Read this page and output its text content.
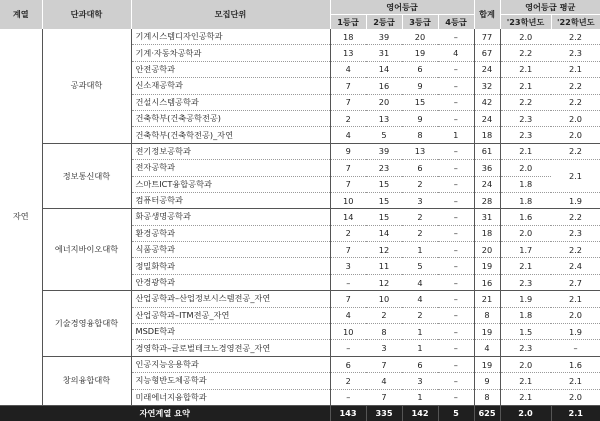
계열	단과대학	모집단위	영어등급				합계	영어등급 평균	
			1등급	2등급	3등급	4등급		'23학년도	'22학년도
자연	공과대학	기계시스템디자인공학과	18	39	20	–	77	2.0	2.2
		기계·자동차공학과	13	31	19	4	67	2.2	2.3
		안전공학과	4	14	6	–	24	2.1	2.1
		신소재공학과	7	16	9	–	32	2.1	2.2
		건설시스템공학과	7	20	15	–	42	2.2	2.2
		건축학부(건축공학전공)	2	13	9	–	24	2.3	2.0
		건축학부(건축학전공)_자연	4	5	8	1	18	2.3	2.0
	정보통신대학	전기정보공학과	9	39	13	–	61	2.1	2.2
		전자공학과	7	23	6	–	36	2.0	2.1
		스마트ICT융합공학과	7	15	2	–	24	1.8	
		컴퓨터공학과	10	15	3	–	28	1.8	1.9
	에너지바이오대학	화공생명공학과	14	15	2	–	31	1.6	2.2
		환경공학과	2	14	2	–	18	2.0	2.3
		식품공학과	7	12	1	–	20	1.7	2.2
		정밀화학과	3	11	5	–	19	2.1	2.4
		안경광학과	–	12	4	–	16	2.3	2.7
	기술경영융합대학	산업공학과–산업정보시스템전공_자연	7	10	4	–	21	1.9	2.1
		산업공학과–ITM전공_자연	4	2	2	–	8	1.8	2.0
		MSDE학과	10	8	1	–	19	1.5	1.9
		경영학과–글로벌테크노경영전공_자연	–	3	1	–	4	2.3	–
	창의융합대학	인공지능응용학과	6	7	6	–	19	2.0	1.6
		지능형반도체공학과	2	4	3	–	9	2.1	2.1
		미래에너지융합학과	–	7	1	–	8	2.1	2.0
자연계열 요약			143	335	142	5	625	2.0	2.1
